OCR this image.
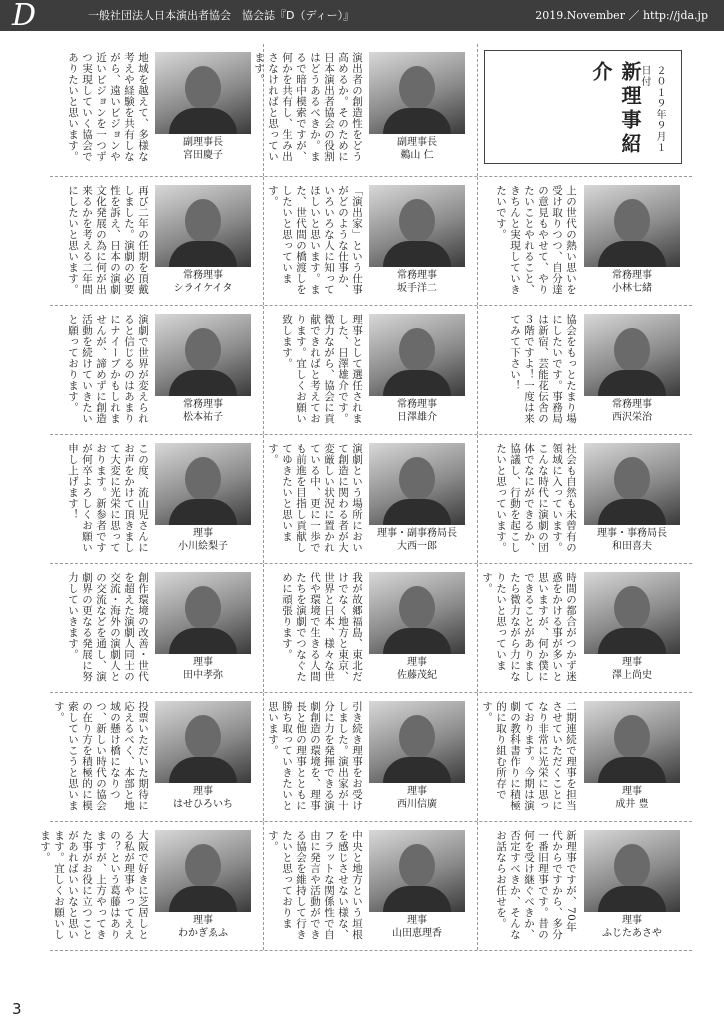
D	一般社団法人日本演出者協会　協会誌『D（ディー）』	2019.November ／ http://jda.jp
地域を越えて、多様な考えや経験を共有しながら、遠いビジョンや近いビジョンを一つずつ実現していく協会でありたいと思います。	副理事長
宮田慶子	演出者の創造性をどう高めるか。そのために日本演出者協会の役割はどうあるべきか。まるで暗中模索ですが、何かを共有し、生み出さなければと思っています。
副理事長
鵜山 仁	新理事紹介	２０１９年９月１日付
再び二年の任期を頂戴しました。演劇の必要性を訴え、日本の演劇文化発展の為に何が出来るかを考える二年間にしたいと思います。	常務理事
シライケイタ	「演出家」という仕事がどのような仕事か、いろいろな人に知ってほしいと思います。また、世代間の橋渡しをしたいと思っています。
常務理事
坂手洋二	上の世代の熱い思いを受け取りつつ、自分達の意見もやせて、やりたいことやれること、きちんと実現していきたいです。
常務理事
小林七緒
演劇で世界が変えられると信じるのはあまりにナイーブかもしれませんが、諦めずに創造活動を続けていきたいと願っております。	常務理事
松本祐子	理事として選任されました、日澤雄介です。微力ながら、協会に貢献できればと考えております。宜しくお願い致します。
常務理事
日澤雄介	協会をもっとたまり場にしたいです。事務局は新宿、芸能花伝舎の３階ですよ！一度は来てみて下さい！
常務理事
西沢栄治
この度、流山児さんにお声をかけて頂きまして大変に光栄に思っております。新参者ですが何卒よろしくお願い申し上げます！
理事
小川絵梨子	演劇という場所において創造に関わる者が大変厳しい状況に置かれている中、更に一歩でも前進を目指し貢献してゆきたいと思います。
理事・副事務局長
大西一郎	社会も自然も未曾有の領域に入っています。こんな時代に演劇の団体でなにができるか、協議し、行動を起こしたいと思っています。	理事・事務局長
和田喜夫
創作環境の改善・世代を超えた演劇人同士の交流・海外の演劇人との交流などを通し、演劇界の更なる発展に努力していきます。
理事
田中孝弥	我が故郷福島、東北だけでなく地方と東京、世界と日本、様々な世代や環境で生きる人間たちを演劇でつなぐために頑張ります。
理事
佐藤茂紀	時間の都合がつかず迷惑をかける事が多いと思いますが、何か僕にできることがありましたら微力ながら力になりたいと思っています。
理事
澤上尚史
投票いただいた期待に応えるべく、本部と地域の懸け橋になりつつ、新しい時代の協会の在り方を積極的に模索していこうと思います。
理事
はせひろいち	引き続き理事をお受けしました。演出家が十分に力を発揮できる演劇創造の環境を、理事長と他の理事とともに勝ち取っていきたいと思います。
理事
西川信廣	二期連続で理事を担当させていただくことになり非常に光栄に思っております。今期は演劇の教科書作りに積極的に取り組む所存です。
理事
成井 豊
大阪で好きに芝居しとる私が理事やってええの？という葛藤はありますが、上方やってきた事がお役に立つことがあればいいなと思います。宜しくお願いします。
理事
わかぎゑふ	中央と地方という垣根を感じさせない様な、フラットな関係性で自由に発言や活動ができる協会を維持して行きたいと思っております。
理事
山田恵理香
新理事ですが、70年代からですから、多分一番旧理事です。昔の何を受け継ぐべきか、否定すべきか、そんなお話ならお任せを。	理事
ふじたあさや
3
